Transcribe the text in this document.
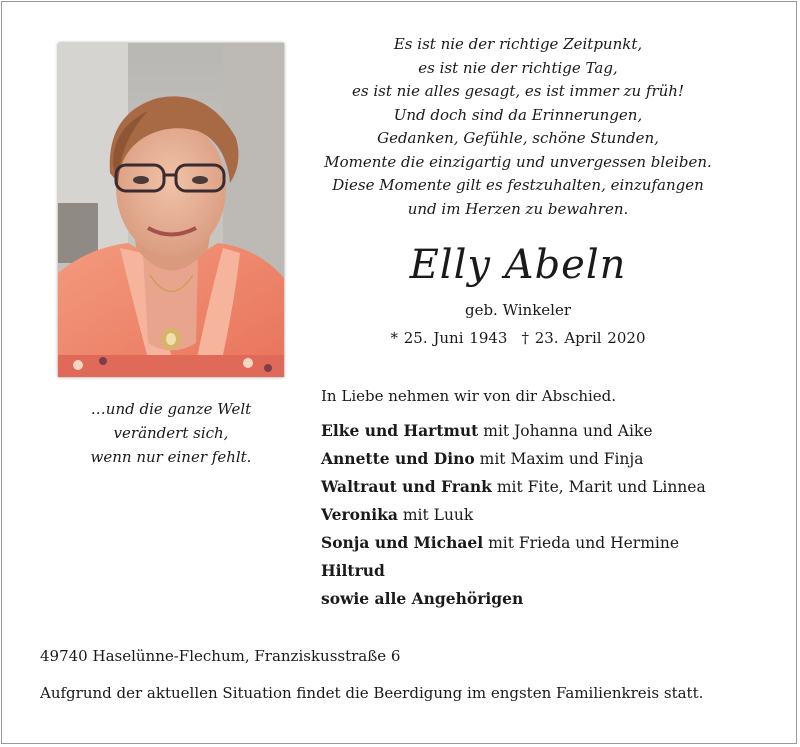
Es ist nie der richtige Zeitpunkt,
es ist nie der richtige Tag,
es ist nie alles gesagt, es ist immer zu früh!
Und doch sind da Erinnerungen,
Gedanken, Gefühle, schöne Stunden,
Momente die einzigartig und unvergessen bleiben.
Diese Momente gilt es festzuhalten, einzufangen
und im Herzen zu bewahren.
Elly Abeln
geb. Winkeler
* 25. Juni 1943 † 23. April 2020
…und die ganze Welt
verändert sich,
wenn nur einer fehlt.
In Liebe nehmen wir von dir Abschied.
Elke und Hartmut mit Johanna und Aike
Annette und Dino mit Maxim und Finja
Waltraut und Frank mit Fite, Marit und Linnea
Veronika mit Luuk
Sonja und Michael mit Frieda und Hermine
Hiltrud
sowie alle Angehörigen
49740 Haselünne-Flechum, Franziskusstraße 6
Aufgrund der aktuellen Situation findet die Beerdigung im engsten Familienkreis statt.
